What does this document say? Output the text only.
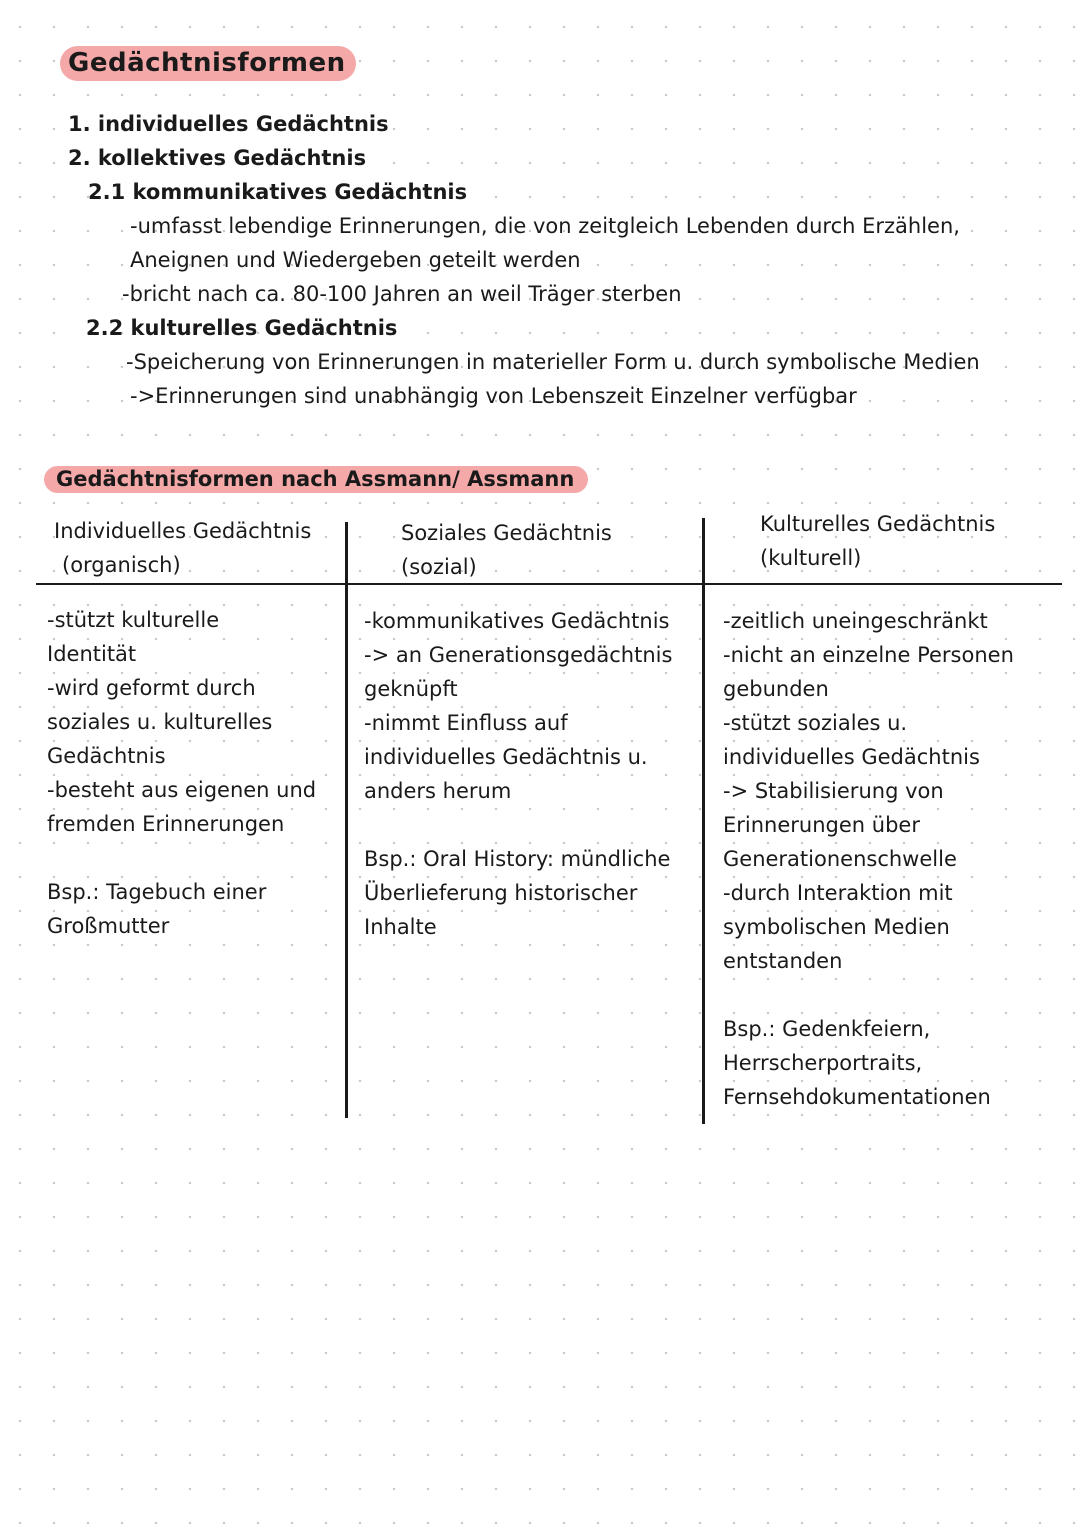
Gedächtnisformen
1. individuelles Gedächtnis
2. kollektives Gedächtnis
2.1 kommunikatives Gedächtnis
-umfasst lebendige Erinnerungen, die von zeitgleich Lebenden durch Erzählen,
Aneignen und Wiedergeben geteilt werden
-bricht nach ca. 80-100 Jahren an weil Träger sterben
2.2 kulturelles Gedächtnis
-Speicherung von Erinnerungen in materieller Form u. durch symbolische Medien
->Erinnerungen sind unabhängig von Lebenszeit Einzelner verfügbar
Gedächtnisformen nach Assmann/ Assmann
Individuelles Gedächtnis
(organisch)
Soziales Gedächtnis
(sozial)
Kulturelles Gedächtnis
(kulturell)
-stützt kulturelle
Identität
-wird geformt durch
soziales u. kulturelles
Gedächtnis
-besteht aus eigenen und
fremden Erinnerungen
Bsp.: Tagebuch einer
Großmutter
-kommunikatives Gedächtnis
-> an Generationsgedächtnis
geknüpft
-nimmt Einfluss auf
individuelles Gedächtnis u.
anders herum
Bsp.: Oral History: mündliche
Überlieferung historischer
Inhalte
-zeitlich uneingeschränkt
-nicht an einzelne Personen
gebunden
-stützt soziales u.
individuelles Gedächtnis
-> Stabilisierung von
Erinnerungen über
Generationenschwelle
-durch Interaktion mit
symbolischen Medien
entstanden
Bsp.: Gedenkfeiern,
Herrscherportraits,
Fernsehdokumentationen
